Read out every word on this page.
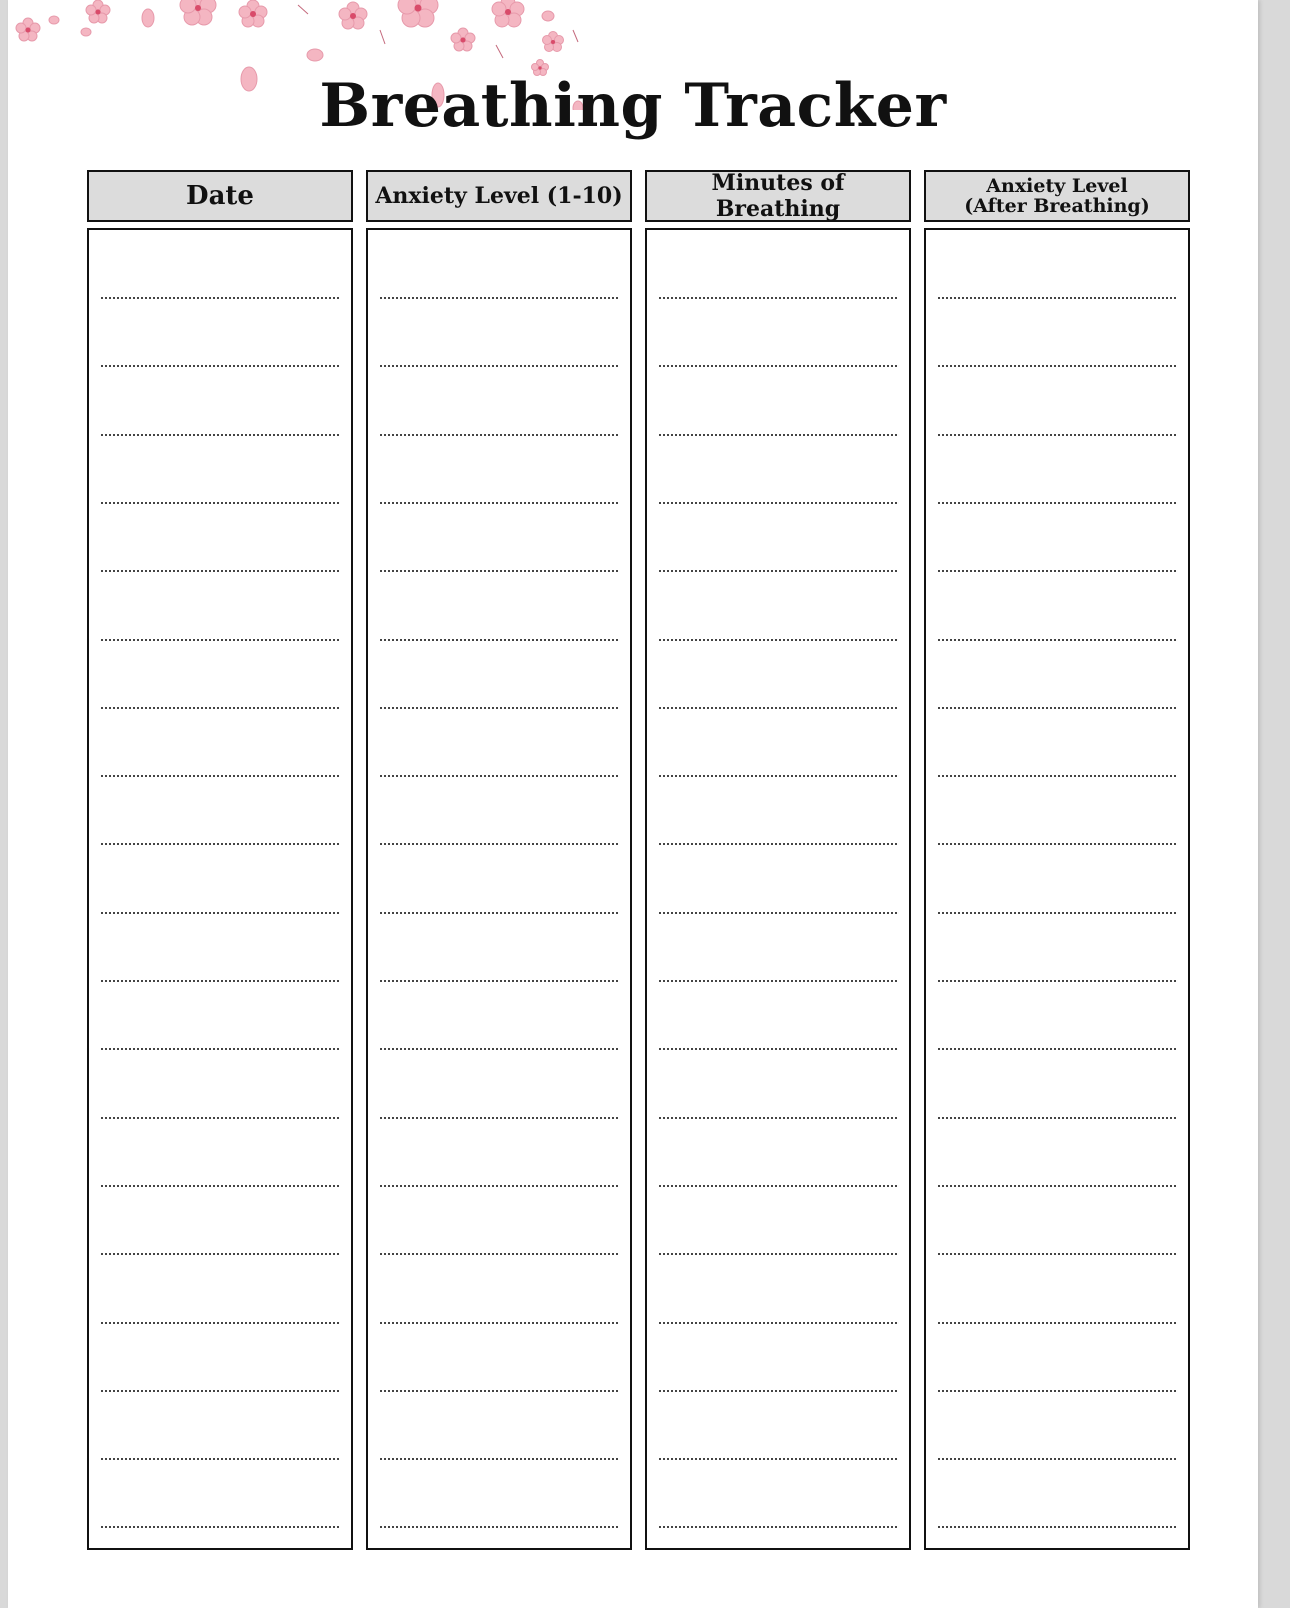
Breathing Tracker
Date	Anxiety Level (1-10)	Minutes of Breathing
Anxiety Level
(After Breathing)
